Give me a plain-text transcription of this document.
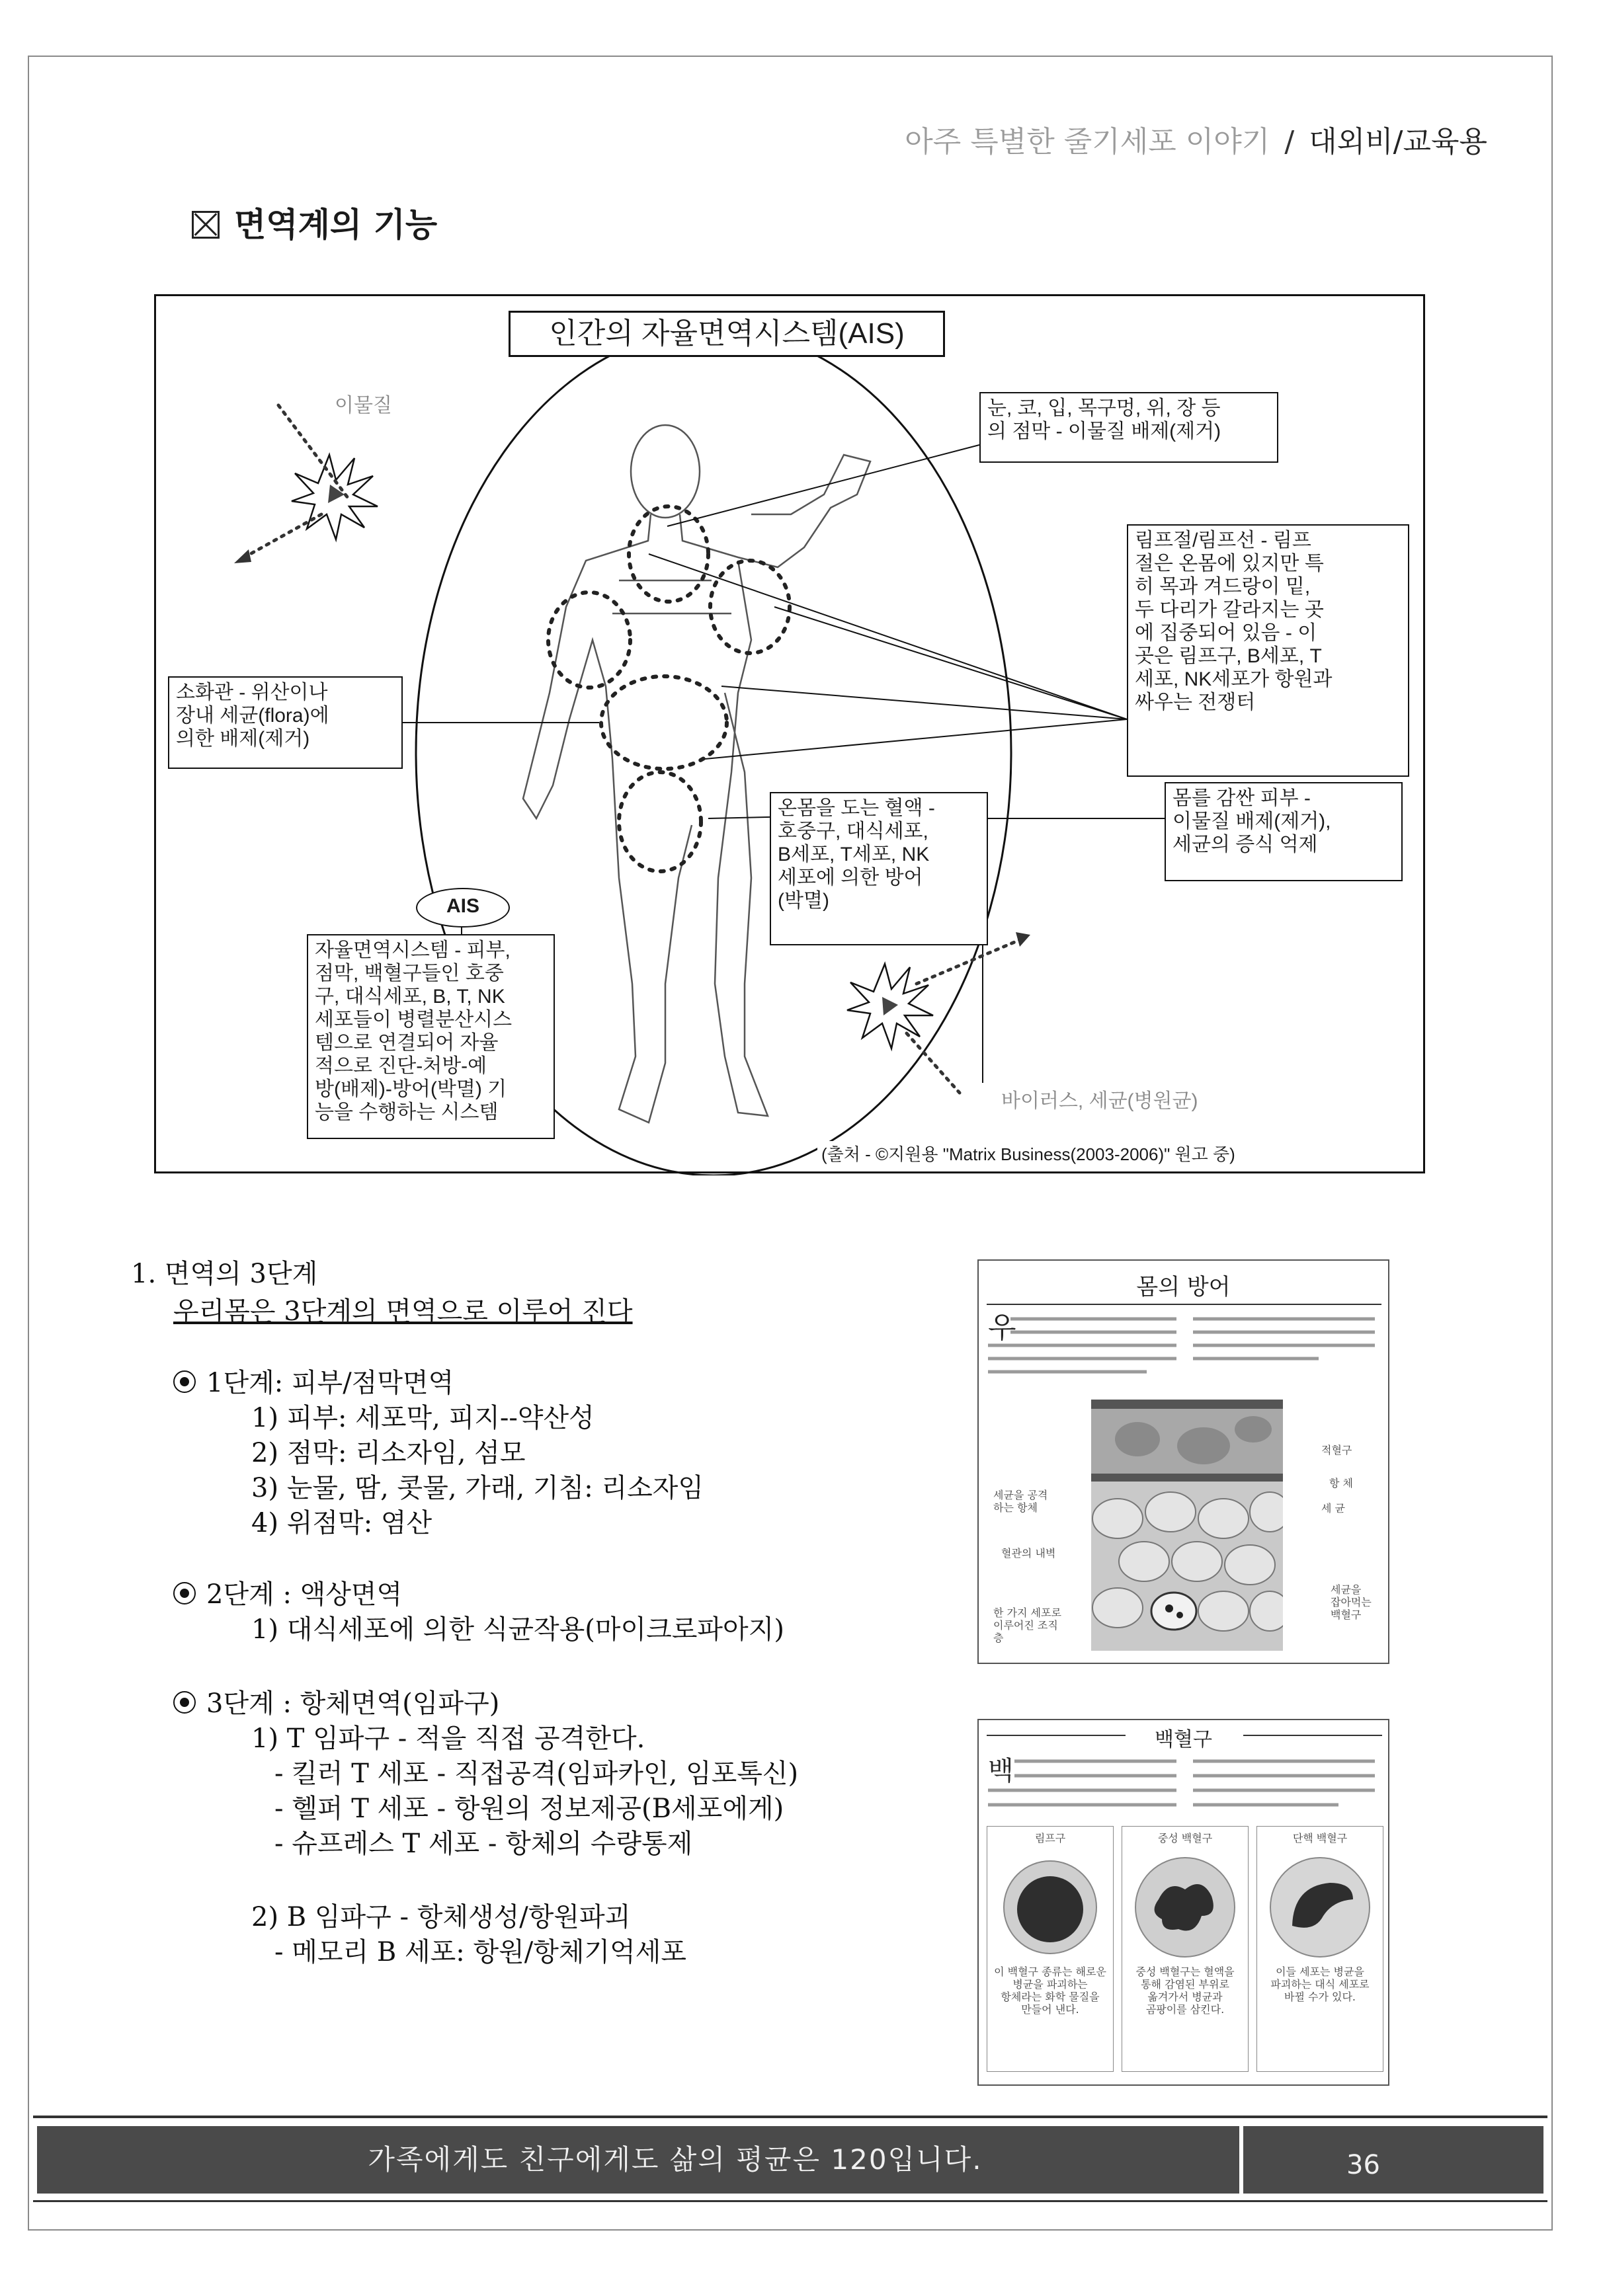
아주 특별한 줄기세포 이야기 / 대외비/교육용
면역계의 기능
인간의 자율면역시스템(AIS)
이물질
바이러스, 세균(병원균)
눈, 코, 입, 목구멍, 위, 장 등
의 점막 - 이물질 배제(제거)
림프절/림프선 - 림프
절은 온몸에 있지만 특
히 목과 겨드랑이 밑,
두 다리가 갈라지는 곳
에 집중되어 있음 - 이
곳은 림프구, B세포, T
세포, NK세포가 항원과
싸우는 전쟁터
소화관 - 위산이나
장내 세균(flora)에
의한 배제(제거)
온몸을 도는 혈액 -
호중구, 대식세포,
B세포, T세포, NK
세포에 의한 방어
(박멸)
몸를 감싼 피부 -
이물질 배제(제거),
세균의 증식 억제
AIS
자율면역시스템 - 피부,
점막, 백혈구들인 호중
구, 대식세포, B, T, NK
세포들이 병렬분산시스
템으로 연결되어 자율
적으로 진단-처방-예
방(배제)-방어(박멸) 기
능을 수행하는 시스템
(출처 - ©지원용 "Matrix Business(2003-2006)" 원고 중)
1. 면역의 3단계
우리몸은 3단계의 면역으로 이루어 진다
1단계: 피부/점막면역
1) 피부: 세포막, 피지--약산성
2) 점막: 리소자임, 섬모
3) 눈물, 땀, 콧물, 가래, 기침: 리소자임
4) 위점막: 염산
2단계 : 액상면역
1) 대식세포에 의한 식균작용(마이크로파아지)
3단계 : 항체면역(임파구)
1) T 임파구 - 적을 직접 공격한다.
- 킬러 T 세포 - 직접공격(임파카인, 임포톡신)
- 헬퍼 T 세포 - 항원의 정보제공(B세포에게)
- 슈프레스 T 세포 - 항체의 수량통제
2) B 임파구 - 항체생성/항원파괴
- 메모리 B 세포: 항원/항체기억세포
몸의 방어
우
적혈구
항 체
세 균
세균을 공격하는 항체
혈관의 내벽
한 가지 세포로 이루어진 조직층
세균을 잡아먹는 백혈구
백혈구
백
림프구
이 백혈구 종류는 해로운
병균을 파괴하는
항체라는 화학 물질을
만들어 낸다.
중성 백혈구
중성 백혈구는 혈액을
통해 감염된 부위로
옮겨가서 병균과
곰팡이를 삼킨다.
단핵 백혈구
이들 세포는 병균을
파괴하는 대식 세포로
바뀔 수가 있다.
가족에게도 친구에게도 삶의 평균은 120입니다.	36
